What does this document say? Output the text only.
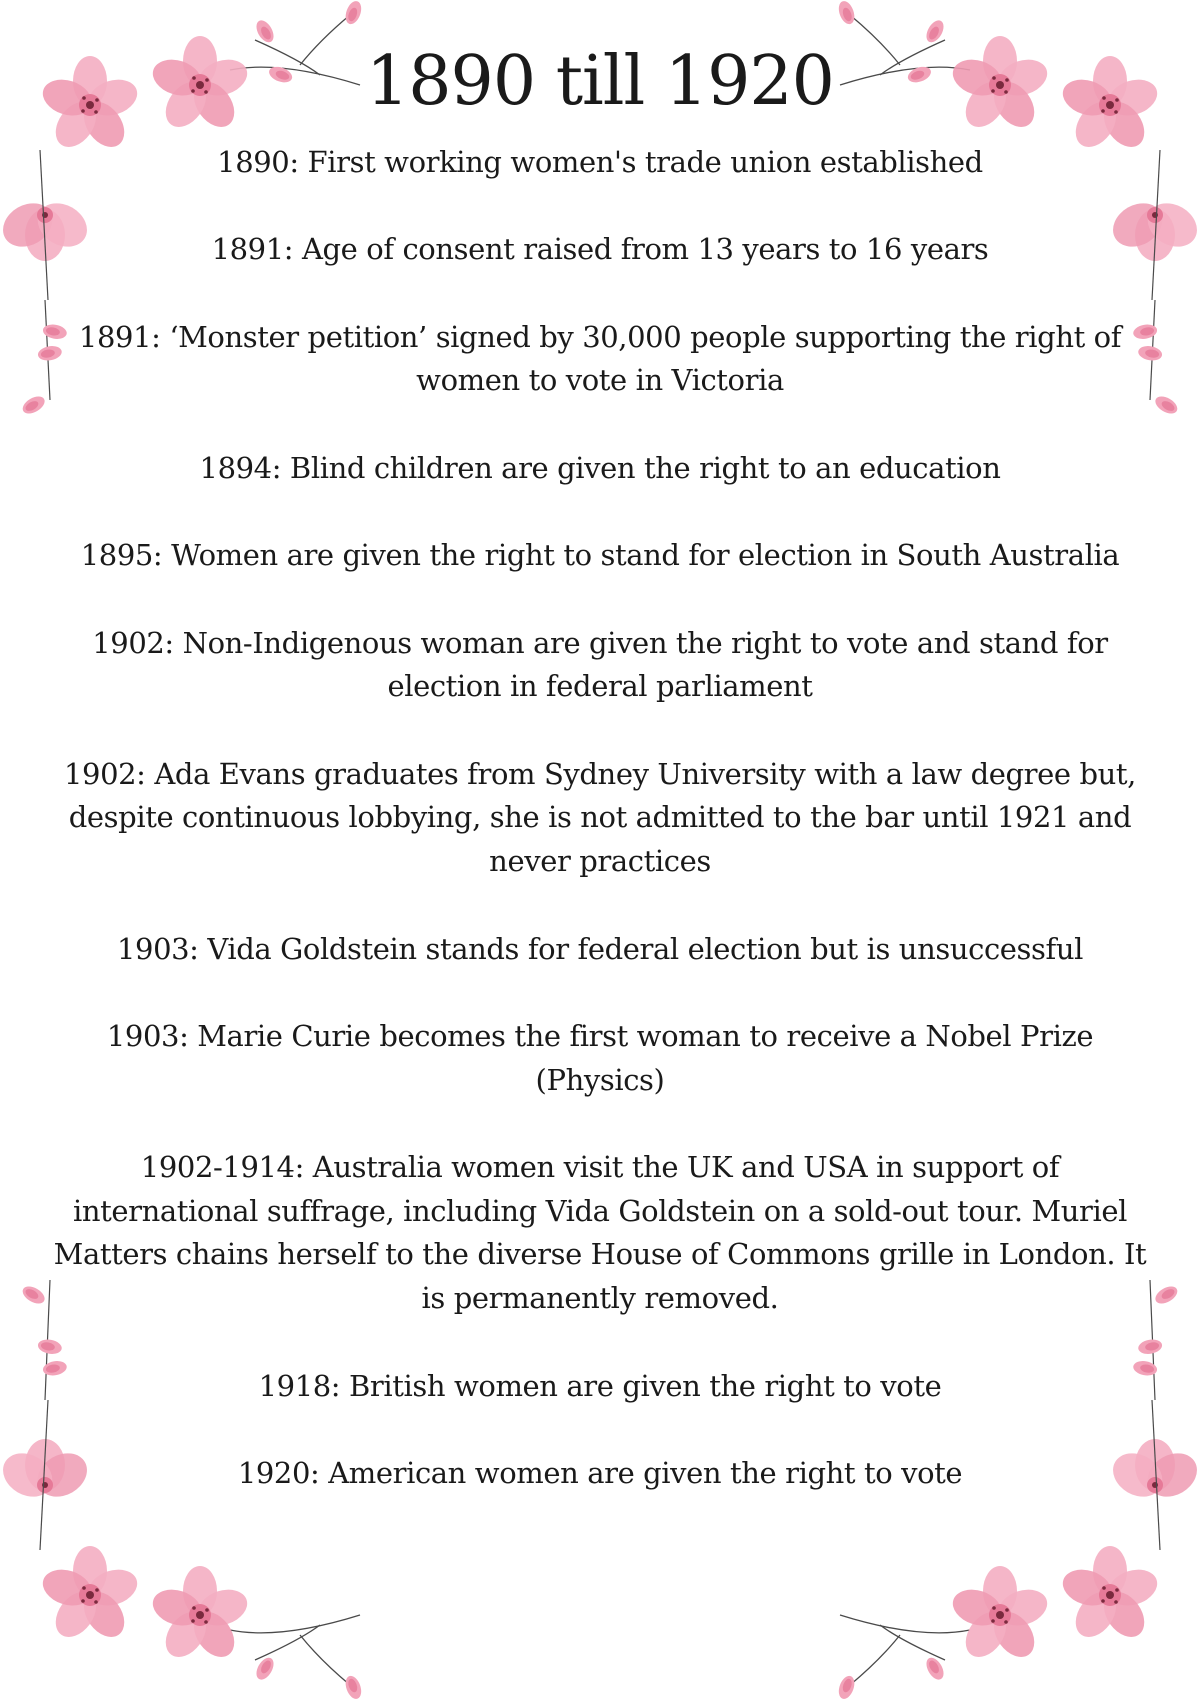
1890 till 1920

1890: First working women's trade union established

1891: Age of consent raised from 13 years to 16 years

1891: ‘Monster petition’ signed by 30,000 people supporting the right of women to vote in Victoria

1894: Blind children are given the right to an education

1895: Women are given the right to stand for election in South Australia

1902: Non-Indigenous woman are given the right to vote and stand for election in federal parliament

1902: Ada Evans graduates from Sydney University with a law degree but, despite continuous lobbying, she is not admitted to the bar until 1921 and never practices

1903: Vida Goldstein stands for federal election but is unsuccessful

1903: Marie Curie becomes the first woman to receive a Nobel Prize (Physics)

1902-1914: Australia women visit the UK and USA in support of international suffrage, including Vida Goldstein on a sold-out tour. Muriel Matters chains herself to the diverse House of Commons grille in London. It is permanently removed.

1918: British women are given the right to vote

1920: American women are given the right to vote
